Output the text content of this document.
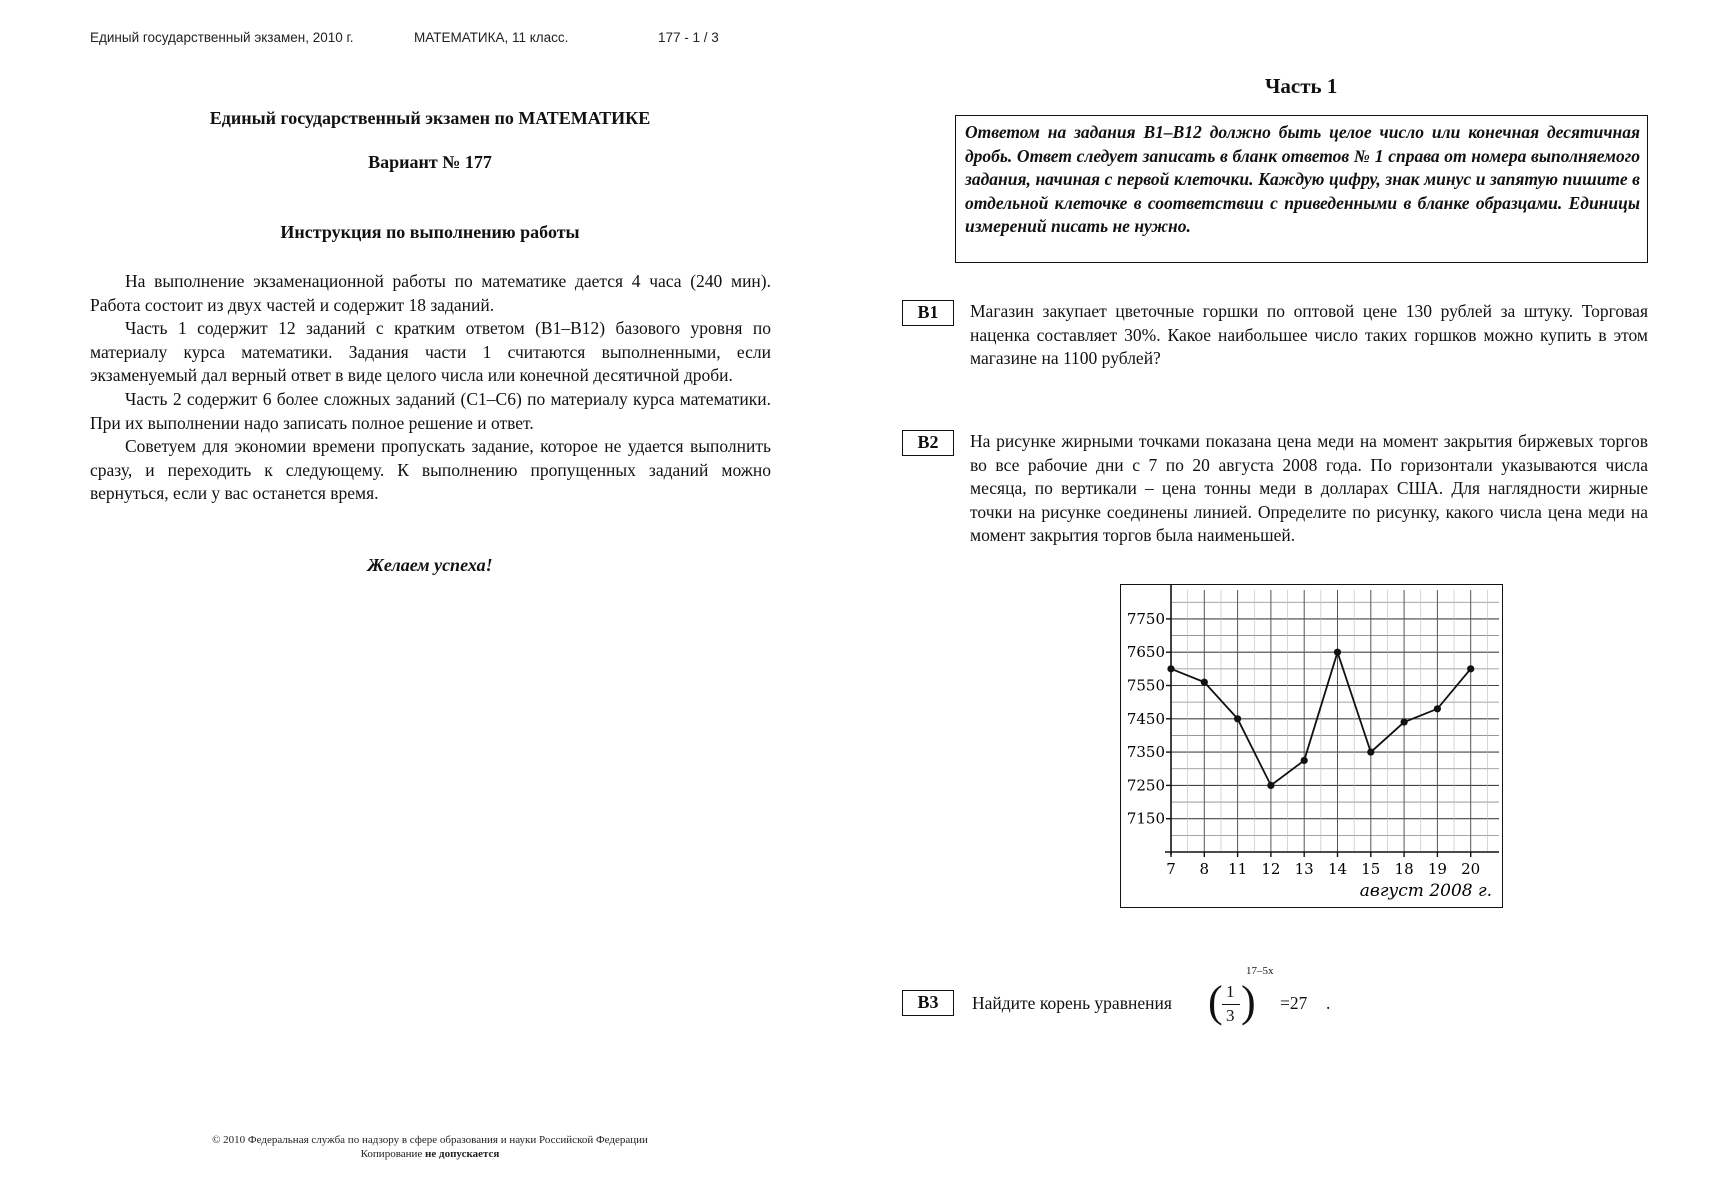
Единый государственный экзамен, 2010 г.	МАТЕМАТИКА, 11 класс.	177 - 1 / 3
Единый государственный экзамен по МАТЕМАТИКЕ
Вариант № 177
Инструкция по выполнению работы

На выполнение экзаменационной работы по математике дается 4 часа (240 мин). Работа состоит из двух частей и содержит 18 заданий.

Часть 1 содержит 12 заданий с кратким ответом (B1–B12) базового уровня по материалу курса математики. Задания части 1 считаются выполненными, если экзаменуемый дал верный ответ в виде целого числа или конечной десятичной дроби.

Часть 2 содержит 6 более сложных заданий (C1–C6) по материалу курса математики. При их выполнении надо записать полное решение и ответ.

Советуем для экономии времени пропускать задание, которое не удается выполнить сразу, и переходить к следующему. К выполнению пропущенных заданий можно вернуться, если у вас останется время.

Желаем успеха!
Часть 1
Ответом на задания B1–B12 должно быть целое число или конечная десятичная дробь. Ответ следует записать в бланк ответов № 1 справа от номера выполняемого задания, начиная с первой клеточки. Каждую цифру, знак минус и запятую пишите в отдельной клеточке в соответствии с приведенными в бланке образцами. Единицы измерений писать не нужно.
B1	Магазин закупает цветочные горшки по оптовой цене 130 рублей за штуку. Торговая наценка составляет 30%. Какое наибольшее число таких горшков можно купить в этом магазине на 1100 рублей?

B2	На рисунке жирными точками показана цена меди на момент закрытия биржевых торгов во все рабочие дни с 7 по 20 августа 2008 года. По горизонтали указываются числа месяца, по вертикали – цена тонны меди в долларах США. Для наглядности жирные точки на рисунке соединены линией. Определите по рисунку, какого числа цена меди на момент закрытия торгов была наименьшей.

7150
7250
7350
7450
7550
7650
7750
7 8 11 12 13 14 15 18 19 20
август 2008 г.
B3	Найдите корень уравнения ( 1
3 )
17–5x
=27 .
© 2010 Федеральная служба по надзору в сфере образования и науки Российской Федерации
Копирование не допускается
